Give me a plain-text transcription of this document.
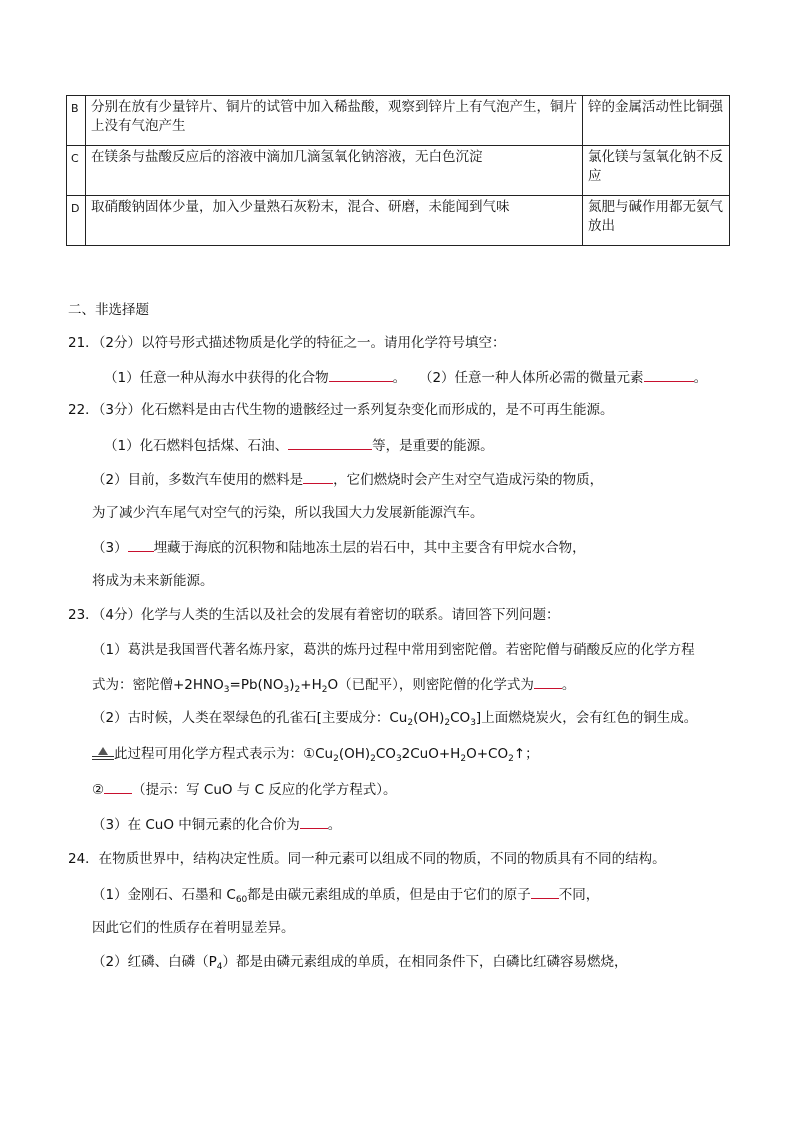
B	分别在放有少量锌片、铜片的试管中加入稀盐酸，观察到锌片上有气泡产生，铜片上没有气泡产生	锌的金属活动性比铜强
C	在镁条与盐酸反应后的溶液中滴加几滴氢氧化钠溶液，无白色沉淀	氯化镁与氢氧化钠不反应
D	取硝酸钠固体少量，加入少量熟石灰粉末，混合、研磨，未能闻到气味	氮肥与碱作用都无氨气放出
二、非选择题
21．（2分）以符号形式描述物质是化学的特征之一。请用化学符号填空：
（1）任意一种从海水中获得的化合物	。 （2）任意一种人体所必需的微量元素	。
22．（3分）化石燃料是由古代生物的遗骸经过一系列复杂变化而形成的，是不可再生能源。
（1）化石燃料包括煤、石油、	等，是重要的能源。
（2）目前，多数汽车使用的燃料是 ，它们燃烧时会产生对空气造成污染的物质，
为了减少汽车尾气对空气的污染，所以我国大力发展新能源汽车。
（3） 埋藏于海底的沉积物和陆地冻土层的岩石中，其中主要含有甲烷水合物，
将成为未来新能源。
23．（4分）化学与人类的生活以及社会的发展有着密切的联系。请回答下列问题：
（1）葛洪是我国晋代著名炼丹家，葛洪的炼丹过程中常用到密陀僧。若密陀僧与硝酸反应的化学方程
式为：密陀僧$+2HNO_3=Pb(NO_3)_2+H_2O$（已配平），则密陀僧的化学式为 。
（2）古时候，人类在翠绿色的孔雀石[主要成分：$Cu_2(OH)_2CO_3$]上面燃烧炭火，会有红色的铜生成。
此过程可用化学方程式表示为：$①Cu_2(OH)_2CO_32CuO+H_2O+CO_2↑$；
② （提示：写 CuO 与 C 反应的化学方程式）。
（3）在 CuO 中铜元素的化合价为 。
24．在物质世界中，结构决定性质。同一种元素可以组成不同的物质，不同的物质具有不同的结构。
（1）金刚石、石墨和 $C_{60}$都是由碳元素组成的单质，但是由于它们的原子 不同，
因此它们的性质存在着明显差异。
（2）红磷、白磷$(P_4)$都是由磷元素组成的单质，在相同条件下，白磷比红磷容易燃烧，
